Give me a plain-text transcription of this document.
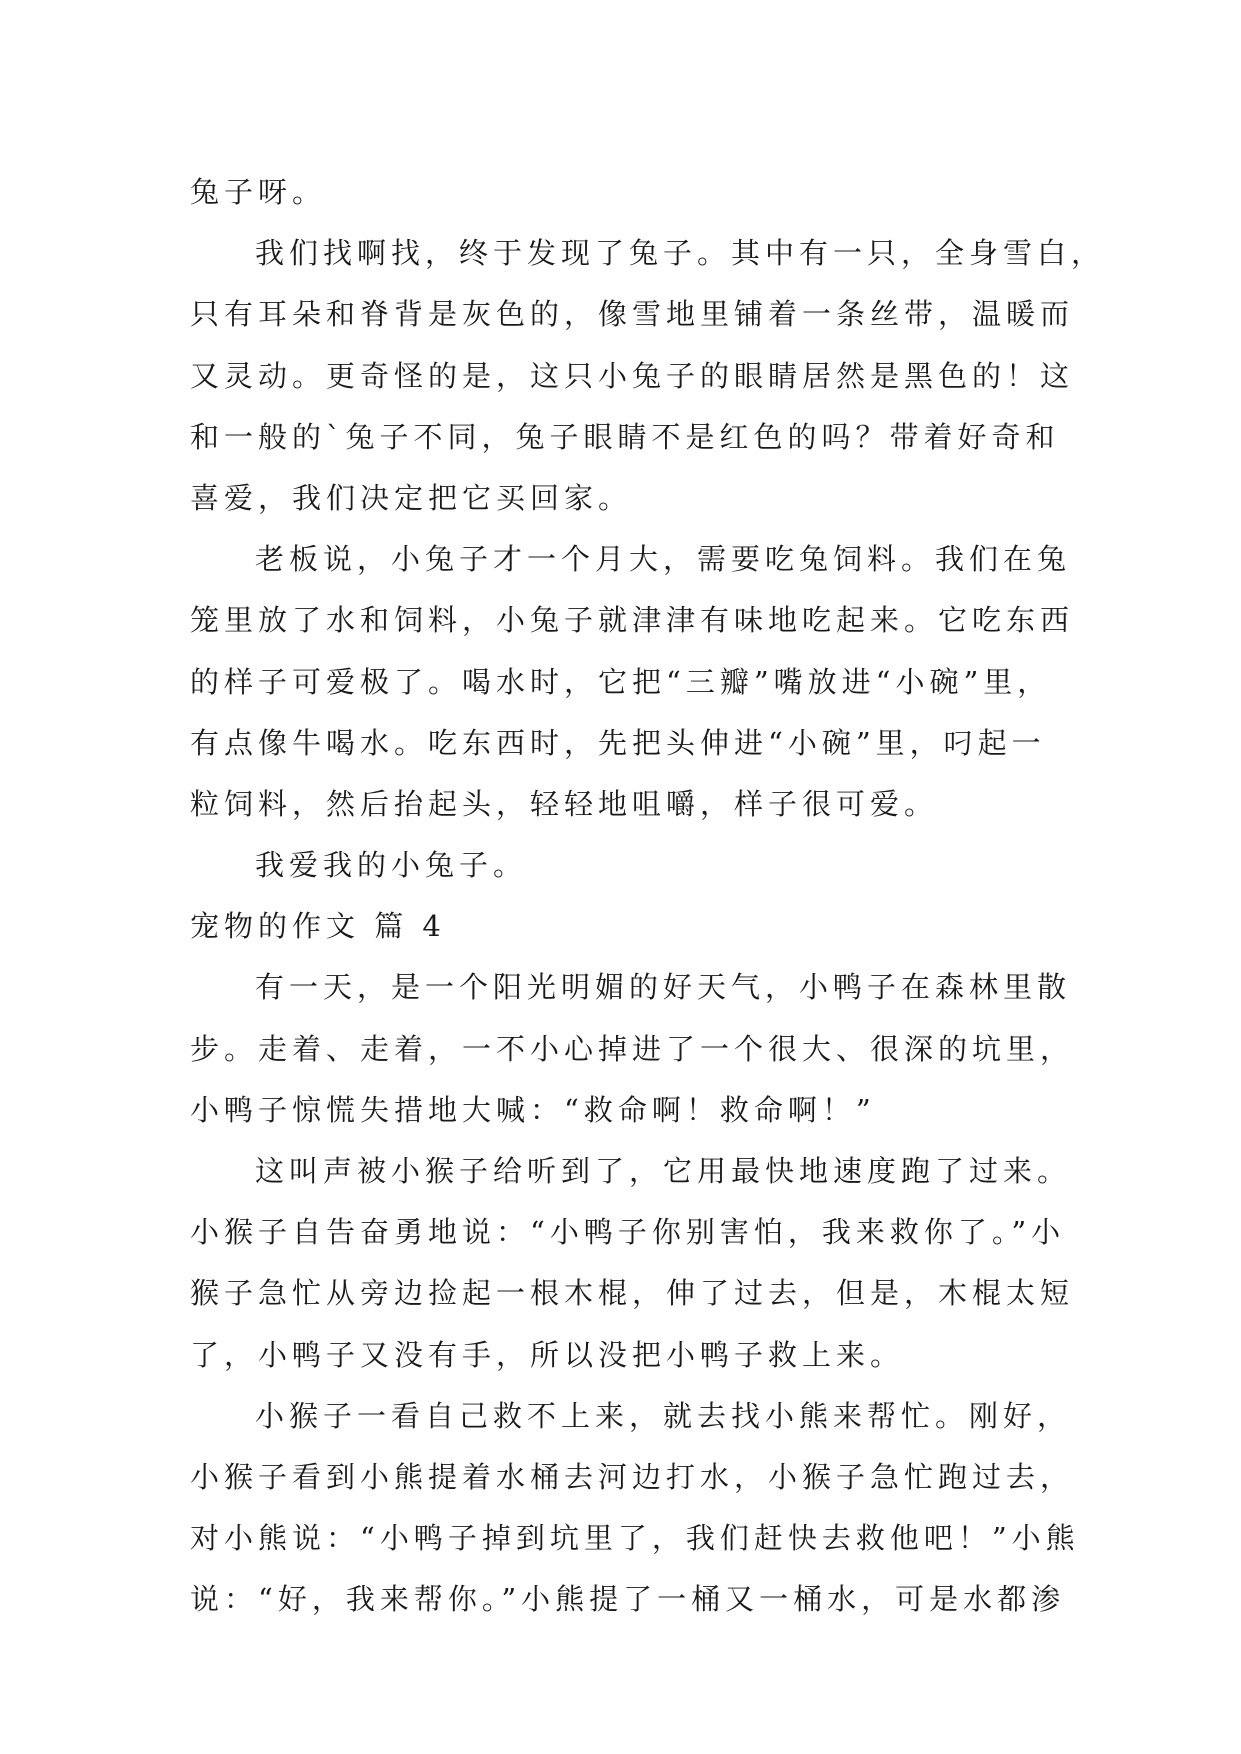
兔子呀。
我们找啊找，终于发现了兔子。其中有一只，全身雪白，
只有耳朵和脊背是灰色的，像雪地里铺着一条丝带，温暖而
又灵动。更奇怪的是，这只小兔子的眼睛居然是黑色的！这
和一般的`兔子不同，兔子眼睛不是红色的吗？带着好奇和
喜爱，我们决定把它买回家。
老板说，小兔子才一个月大，需要吃兔饲料。我们在兔
笼里放了水和饲料，小兔子就津津有味地吃起来。它吃东西
的样子可爱极了。喝水时，它把“三瓣”嘴放进“小碗”里，
有点像牛喝水。吃东西时，先把头伸进“小碗”里，叼起一
粒饲料，然后抬起头，轻轻地咀嚼，样子很可爱。
我爱我的小兔子。
宠物的作文 篇 4
有一天，是一个阳光明媚的好天气，小鸭子在森林里散
步。走着、走着，一不小心掉进了一个很大、很深的坑里，
小鸭子惊慌失措地大喊：“救命啊！救命啊！”
这叫声被小猴子给听到了，它用最快地速度跑了过来。
小猴子自告奋勇地说：“小鸭子你别害怕，我来救你了。”小
猴子急忙从旁边捡起一根木棍，伸了过去，但是，木棍太短
了，小鸭子又没有手，所以没把小鸭子救上来。
小猴子一看自己救不上来，就去找小熊来帮忙。刚好，
小猴子看到小熊提着水桶去河边打水，小猴子急忙跑过去，
对小熊说：“小鸭子掉到坑里了，我们赶快去救他吧！”小熊
说：“好，我来帮你。”小熊提了一桶又一桶水，可是水都渗
